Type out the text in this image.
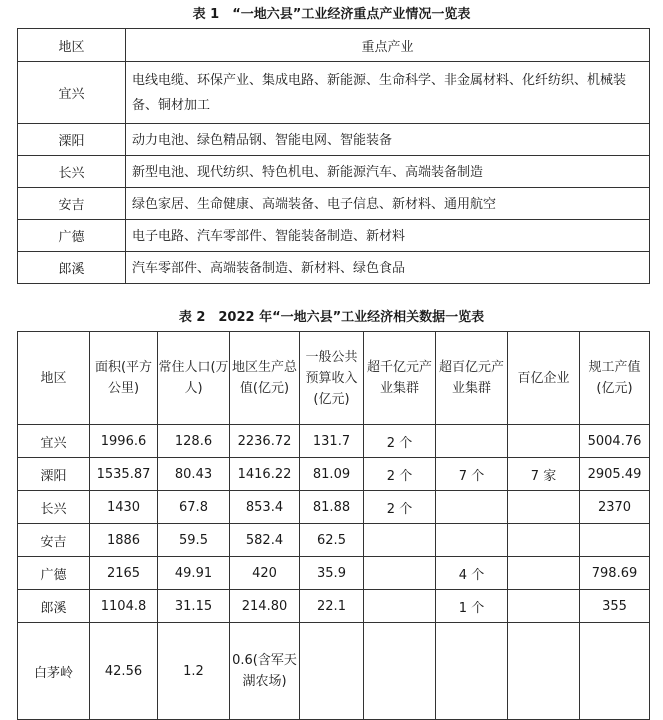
表 1　“一地六县”工业经济重点产业情况一览表
地区	重点产业
宜兴	电线电缆、环保产业、集成电路、新能源、生命科学、非金属材料、化纤纺织、机械装备、铜材加工
溧阳	动力电池、绿色精品钢、智能电网、智能装备
长兴	新型电池、现代纺织、特色机电、新能源汽车、高端装备制造
安吉	绿色家居、生命健康、高端装备、电子信息、新材料、通用航空
广德	电子电路、汽车零部件、智能装备制造、新材料
郎溪	汽车零部件、高端装备制造、新材料、绿色食品
表 2　2022 年“一地六县”工业经济相关数据一览表
地区	面积(平方公里)	常住人口(万人)	地区生产总值(亿元)	一般公共预算收入(亿元)	超千亿元产业集群	超百亿元产业集群	百亿企业	规工产值(亿元)
宜兴	1996.6	128.6	2236.72	131.7	2 个			5004.76
溧阳	1535.87	80.43	1416.22	81.09	2 个	7 个	7 家	2905.49
长兴	1430	67.8	853.4	81.88	2 个			2370
安吉	1886	59.5	582.4	62.5				
广德	2165	49.91	420	35.9		4 个		798.69
郎溪	1104.8	31.15	214.80	22.1		1 个		355
白茅岭	42.56	1.2	0.6(含军天湖农场)					
